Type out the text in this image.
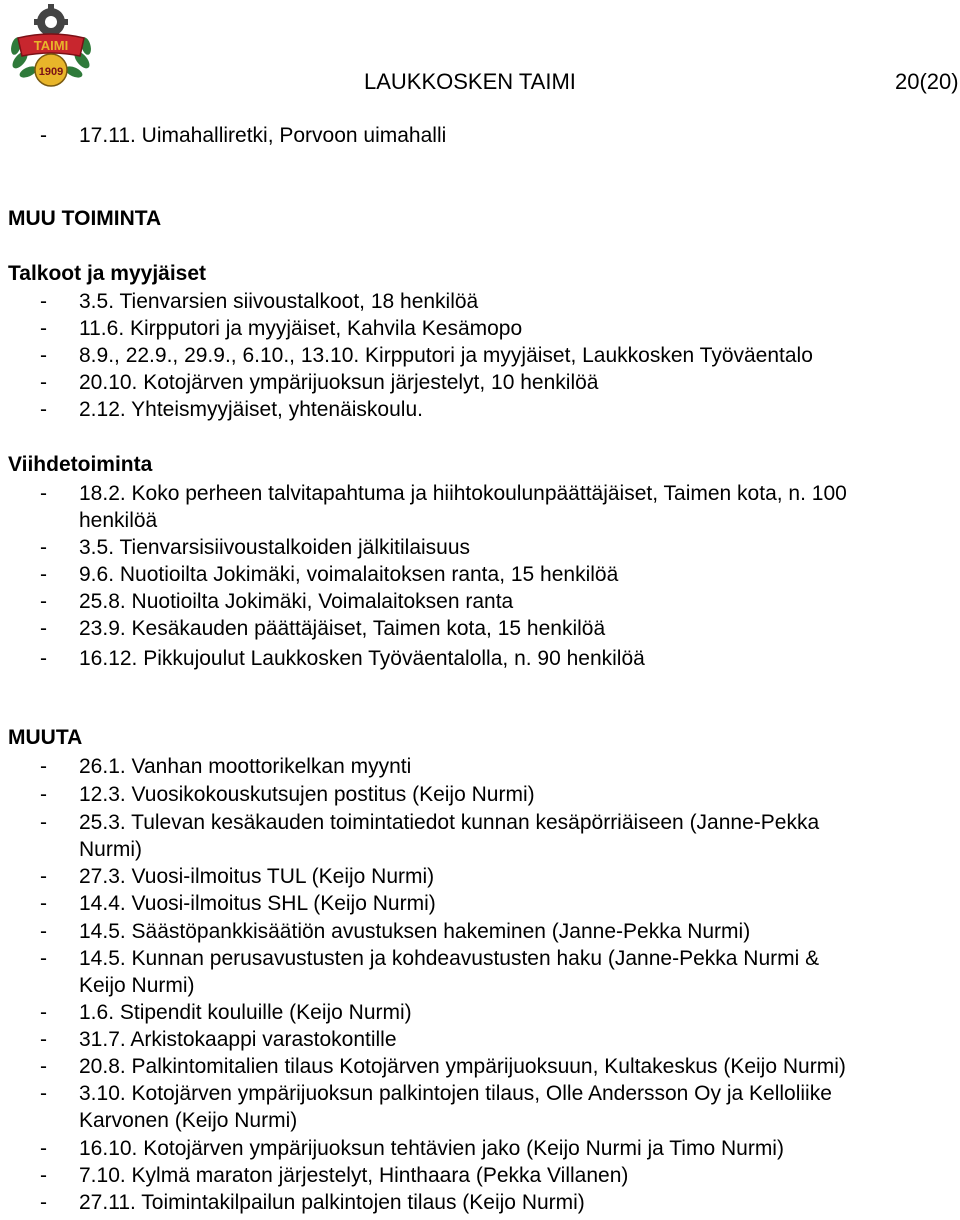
TAIMI
1909	LAUKKOSKEN TAIMI	20(20)
- 17.11. Uimahalliretki, Porvoon uimahalli
MUU TOIMINTA
Talkoot ja myyjäiset
- 3.5. Tienvarsien siivoustalkoot, 18 henkilöä
- 11.6. Kirpputori ja myyjäiset, Kahvila Kesämopo
- 8.9., 22.9., 29.9., 6.10., 13.10. Kirpputori ja myyjäiset, Laukkosken Työväentalo
- 20.10. Kotojärven ympärijuoksun järjestelyt, 10 henkilöä
- 2.12. Yhteismyyjäiset, yhtenäiskoulu.
Viihdetoiminta
- 18.2. Koko perheen talvitapahtuma ja hiihtokoulunpäättäjäiset, Taimen kota, n. 100
henkilöä
- 3.5. Tienvarsisiivoustalkoiden jälkitilaisuus
- 9.6. Nuotioilta Jokimäki, voimalaitoksen ranta, 15 henkilöä
- 25.8. Nuotioilta Jokimäki, Voimalaitoksen ranta
- 23.9. Kesäkauden päättäjäiset, Taimen kota, 15 henkilöä
- 16.12. Pikkujoulut Laukkosken Työväentalolla, n. 90 henkilöä
MUUTA
- 26.1. Vanhan moottorikelkan myynti
- 12.3. Vuosikokouskutsujen postitus (Keijo Nurmi)
- 25.3. Tulevan kesäkauden toimintatiedot kunnan kesäpörriäiseen (Janne-Pekka
Nurmi)
- 27.3. Vuosi-ilmoitus TUL (Keijo Nurmi)
- 14.4. Vuosi-ilmoitus SHL (Keijo Nurmi)
- 14.5. Säästöpankkisäätiön avustuksen hakeminen (Janne-Pekka Nurmi)
- 14.5. Kunnan perusavustusten ja kohdeavustusten haku (Janne-Pekka Nurmi &
Keijo Nurmi)
- 1.6. Stipendit kouluille (Keijo Nurmi)
- 31.7. Arkistokaappi varastokontille
- 20.8. Palkintomitalien tilaus Kotojärven ympärijuoksuun, Kultakeskus (Keijo Nurmi)
- 3.10. Kotojärven ympärijuoksun palkintojen tilaus, Olle Andersson Oy ja Kelloliike
Karvonen (Keijo Nurmi)
- 16.10. Kotojärven ympärijuoksun tehtävien jako (Keijo Nurmi ja Timo Nurmi)
- 7.10. Kylmä maraton järjestelyt, Hinthaara (Pekka Villanen)
- 27.11. Toimintakilpailun palkintojen tilaus (Keijo Nurmi)
